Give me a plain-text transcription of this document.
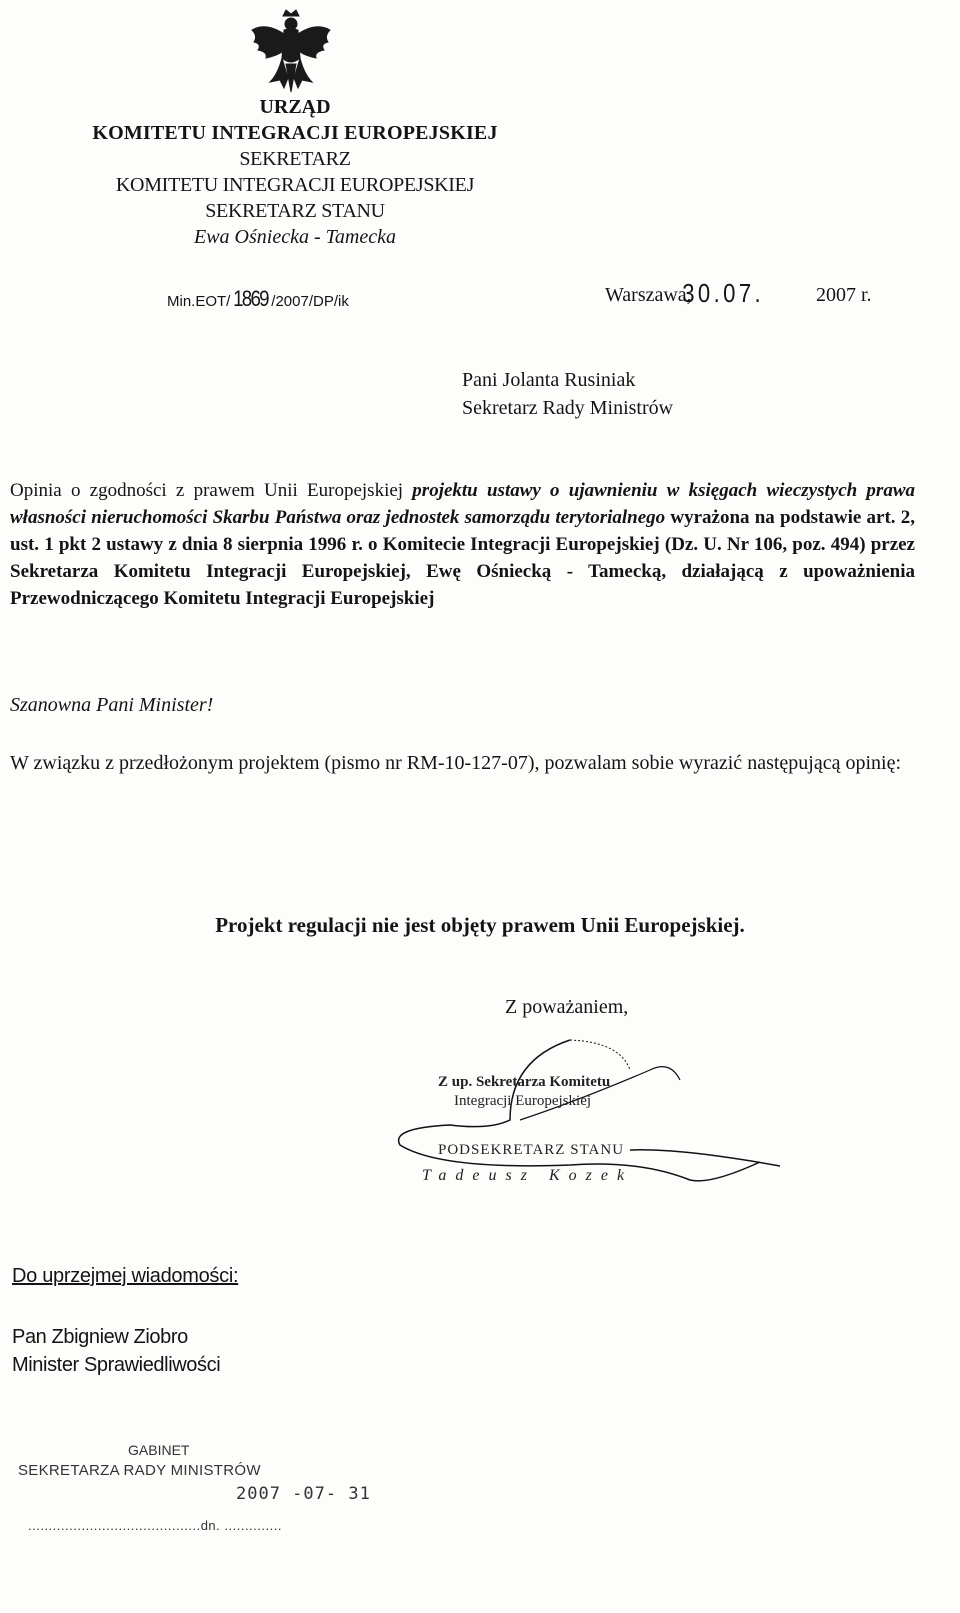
URZĄD
KOMITETU INTEGRACJI EUROPEJSKIEJ
SEKRETARZ
KOMITETU INTEGRACJI EUROPEJSKIEJ
SEKRETARZ STANU
Ewa Ośniecka - Tamecka
Min.EOT/ 1869 /2007/DP/ik	Warszawa,
30.07.	2007 r.
Pani Jolanta Rusiniak
Sekretarz Rady Ministrów
Opinia o zgodności z prawem Unii Europejskiej projektu ustawy o ujawnieniu w księgach wieczystych prawa własności nieruchomości Skarbu Państwa oraz jednostek samorządu terytorialnego wyrażona na podstawie art. 2, ust. 1 pkt 2 ustawy z dnia 8 sierpnia 1996 r. o Komitecie Integracji Europejskiej (Dz. U. Nr 106, poz. 494) przez Sekretarza Komitetu Integracji Europejskiej, Ewę Ośniecką - Tamecką, działającą z upoważnienia Przewodniczącego Komitetu Integracji Europejskiej
Szanowna Pani Minister!
W związku z przedłożonym projektem (pismo nr RM-10-127-07), pozwalam sobie wyrazić następującą opinię:
Projekt regulacji nie jest objęty prawem Unii Europejskiej.
Z poważaniem,
Z up. Sekretarza Komitetu
Integracji Europejskiej
PODSEKRETARZ STANU
Tadeusz Kozek
Do uprzejmej wiadomości:
Pan Zbigniew Ziobro
Minister Sprawiedliwości
GABINET
SEKRETARZA RADY MINISTRÓW
2007 -07- 31
..........................................dn. ..............
